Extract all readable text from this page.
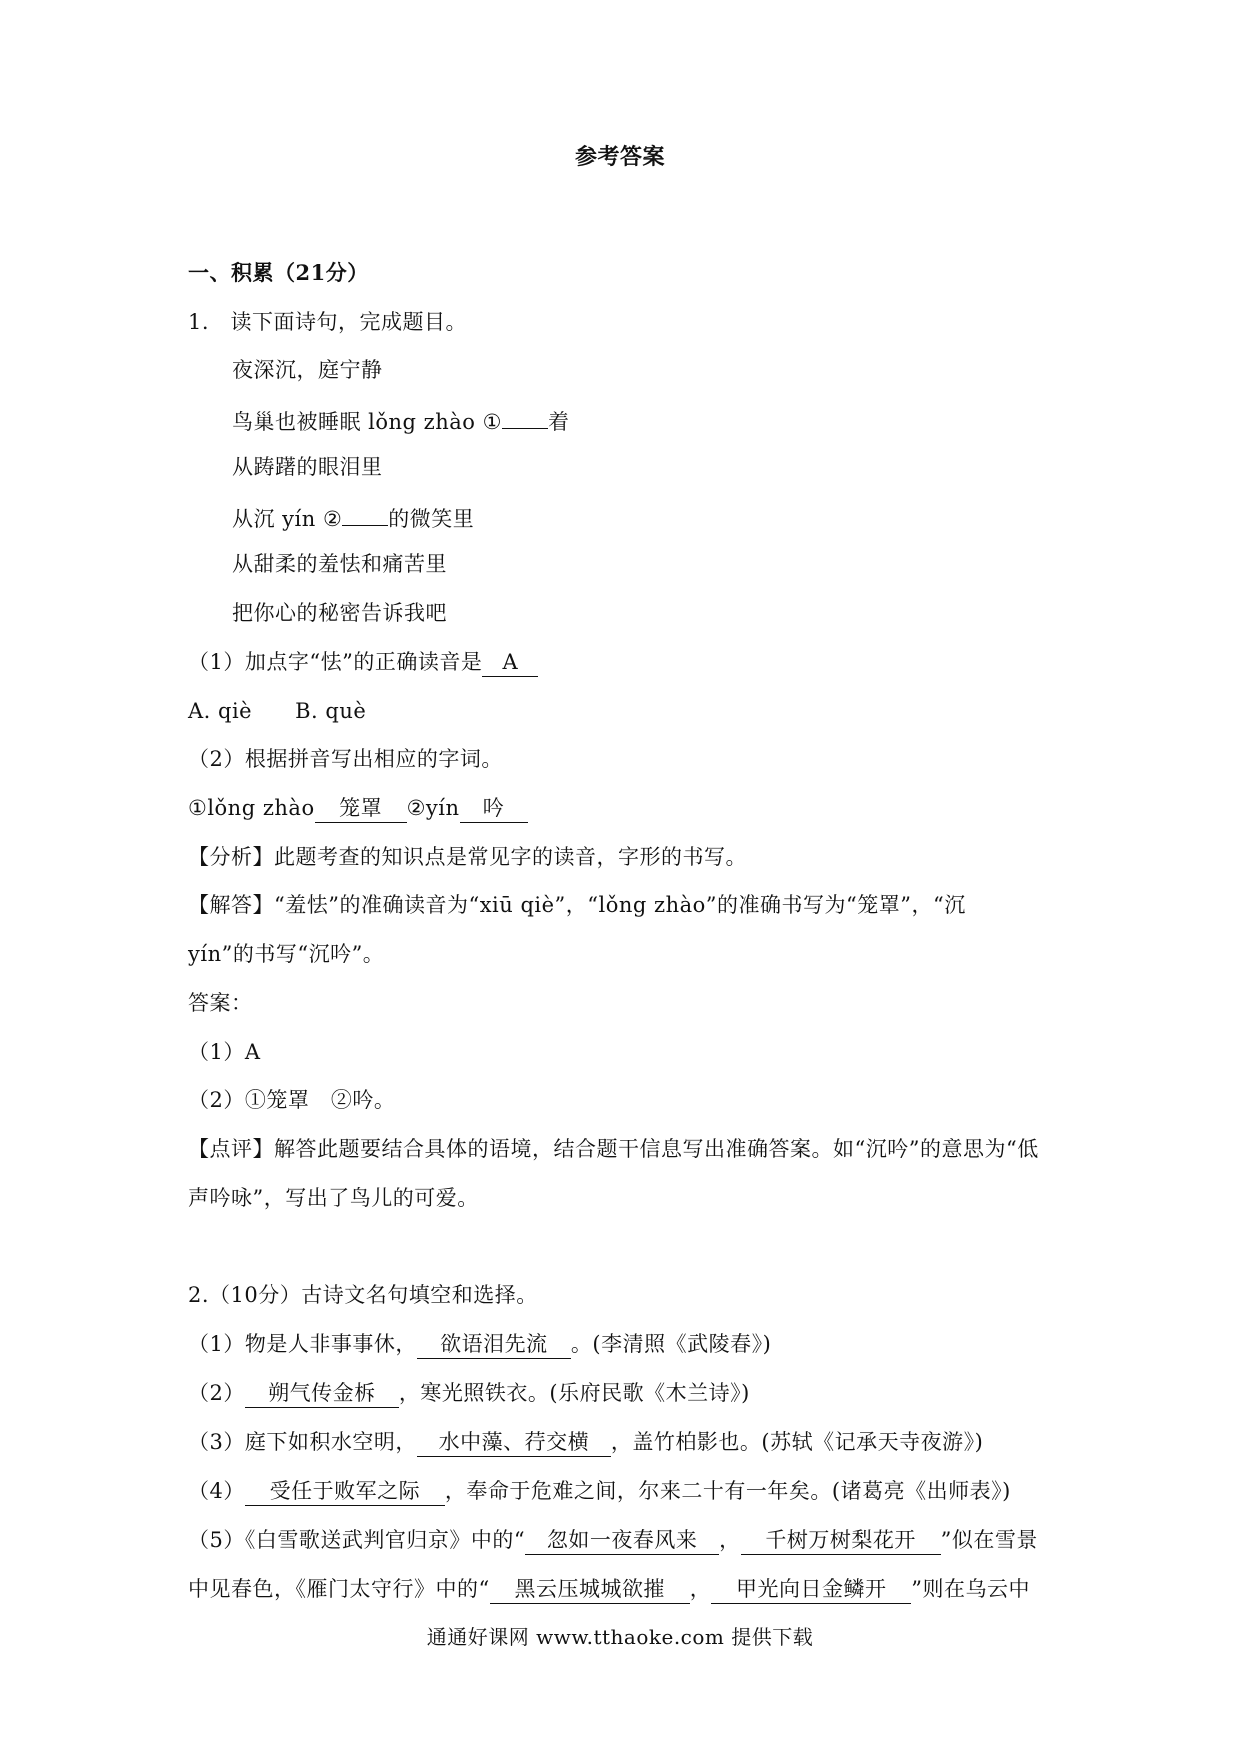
参考答案
一、积累（21分）
1.　读下面诗句，完成题目。
夜深沉，庭宁静
鸟巢也被睡眠 lǒng zhào ① 着
从踌躇的眼泪里
从沉 yín ② 的微笑里
从甜柔的羞怯和痛苦里
把你心的秘密告诉我吧
（1）加点字“怯”的正确读音是 A
A. qiè　　B. què
（2）根据拼音写出相应的字词。
①lǒng zhào 笼罩 ②yín 吟
【分析】此题考查的知识点是常见字的读音，字形的书写。
【解答】“羞怯”的准确读音为“xiū qiè”，“lǒng zhào”的准确书写为“笼罩”，“沉
yín”的书写“沉吟”。
答案：
（1）A
（2）①笼罩　②吟。
【点评】解答此题要结合具体的语境，结合题干信息写出准确答案。如“沉吟”的意思为“低
声吟咏”，写出了鸟儿的可爱。
2.（10分）古诗文名句填空和选择。
（1）物是人非事事休， 欲语泪先流 。(李清照《武陵春》)
（2） 朔气传金柝 ，寒光照铁衣。(乐府民歌《木兰诗》)
（3）庭下如积水空明， 水中藻、荇交横 ，盖竹柏影也。(苏轼《记承天寺夜游》)
（4） 受任于败军之际 ，奉命于危难之间，尔来二十有一年矣。(诸葛亮《出师表》)
（5）《白雪歌送武判官归京》中的“ 忽如一夜春风来 ， 千树万树梨花开 ”似在雪景
中见春色，《雁门太守行》中的“ 黑云压城城欲摧 ， 甲光向日金鳞开 ”则在乌云中
通通好课网 www.tthaoke.com 提供下载
